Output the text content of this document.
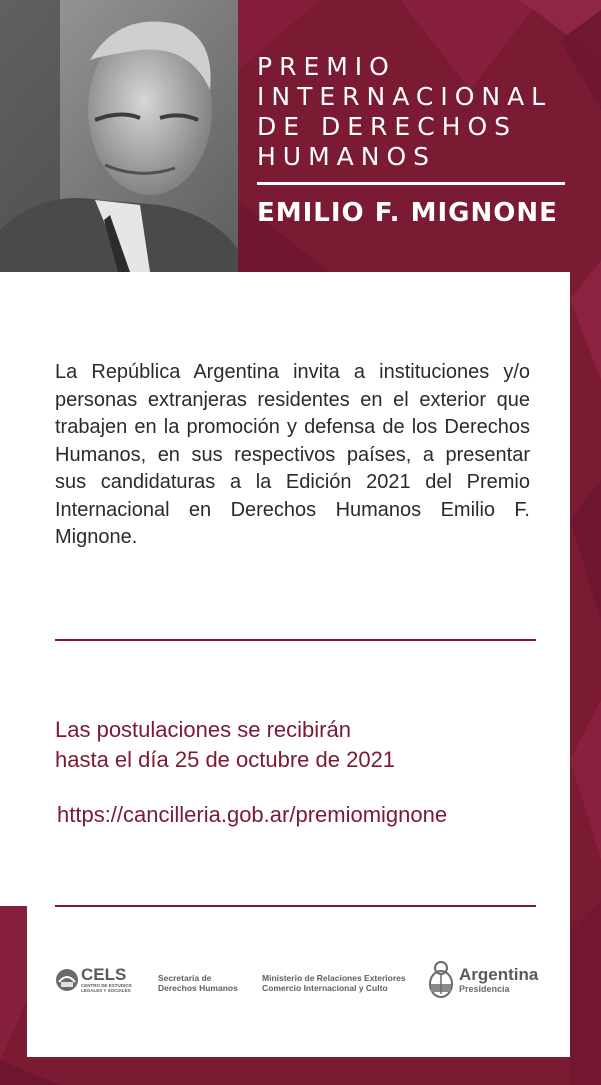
PREMIO
INTERNACIONAL
DE DERECHOS
HUMANOS
EMILIO F. MIGNONE

La República Argentina invita a instituciones y/o personas extranjeras residentes en el exterior que trabajen en la promoción y defensa de los Derechos Humanos, en sus respectivos países, a presentar sus candidaturas a la Edición 2021 del Premio Internacional en Derechos Humanos Emilio F. Mignone.

Las postulaciones se recibirán
hasta el día 25 de octubre de 2021
https://cancilleria.gob.ar/premiomignone
CELS
CENTRO DE ESTUDIOS
LEGALES Y SOCIALES
Secretaría de
Derechos Humanos
Ministerio de Relaciones Exteriores
Comercio Internacional y Culto
Argentina
Presidencia
